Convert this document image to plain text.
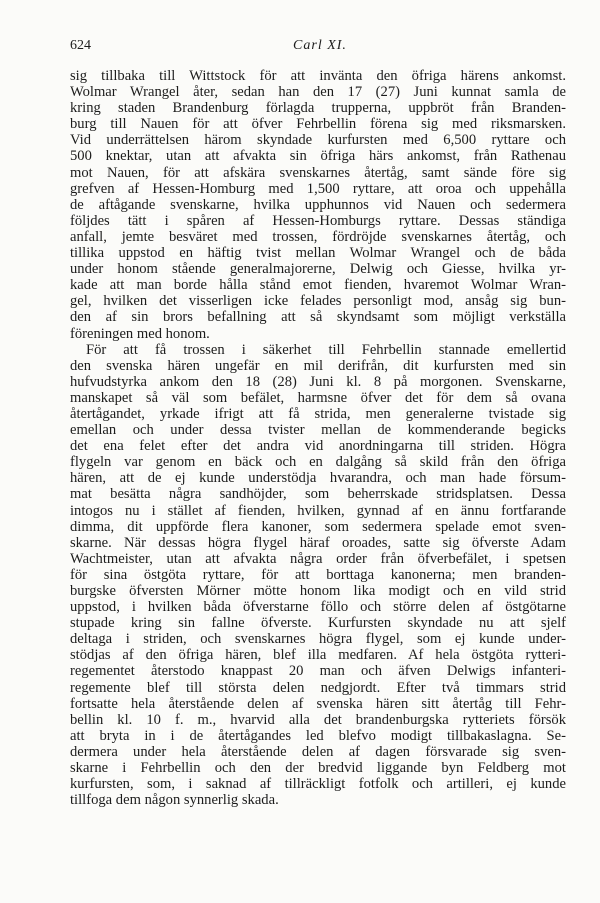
624	Carl XI.
sig tillbaka till Wittstock för att invänta den öfriga härens ankomst.
Wolmar Wrangel åter, sedan han den 17 (27) Juni kunnat samla de
kring staden Brandenburg förlagda trupperna, uppbröt från Branden-
burg till Nauen för att öfver Fehrbellin förena sig med riksmarsken.
Vid underrättelsen härom skyndade kurfursten med 6,500 ryttare och
500 knektar, utan att afvakta sin öfriga härs ankomst, från Rathenau
mot Nauen, för att afskära svenskarnes återtåg, samt sände före sig
grefven af Hessen-Homburg med 1,500 ryttare, att oroa och uppehålla
de aftågande svenskarne, hvilka upphunnos vid Nauen och sedermera
följdes tätt i spåren af Hessen-Homburgs ryttare. Dessas ständiga
anfall, jemte besväret med trossen, fördröjde svenskarnes återtåg, och
tillika uppstod en häftig tvist mellan Wolmar Wrangel och de båda
under honom stående generalmajorerne, Delwig och Giesse, hvilka yr-
kade att man borde hålla stånd emot fienden, hvaremot Wolmar Wran-
gel, hvilken det visserligen icke felades personligt mod, ansåg sig bun-
den af sin brors befallning att så skyndsamt som möjligt verkställa
föreningen med honom.
För att få trossen i säkerhet till Fehrbellin stannade emellertid
den svenska hären ungefär en mil derifrån, dit kurfursten med sin
hufvudstyrka ankom den 18 (28) Juni kl. 8 på morgonen. Svenskarne,
manskapet så väl som befälet, harmsne öfver det för dem så ovana
återtågandet, yrkade ifrigt att få strida, men generalerne tvistade sig
emellan och under dessa tvister mellan de kommenderande begicks
det ena felet efter det andra vid anordningarna till striden. Högra
flygeln var genom en bäck och en dalgång så skild från den öfriga
hären, att de ej kunde understödja hvarandra, och man hade försum-
mat besätta några sandhöjder, som beherrskade stridsplatsen. Dessa
intogos nu i stället af fienden, hvilken, gynnad af en ännu fortfarande
dimma, dit uppförde flera kanoner, som sedermera spelade emot sven-
skarne. När dessas högra flygel häraf oroades, satte sig öfverste Adam
Wachtmeister, utan att afvakta några order från öfverbefälet, i spetsen
för sina östgöta ryttare, för att borttaga kanonerna; men branden-
burgske öfversten Mörner mötte honom lika modigt och en vild strid
uppstod, i hvilken båda öfverstarne föllo och större delen af östgötarne
stupade kring sin fallne öfverste. Kurfursten skyndade nu att sjelf
deltaga i striden, och svenskarnes högra flygel, som ej kunde under-
stödjas af den öfriga hären, blef illa medfaren. Af hela östgöta rytteri-
regementet återstodo knappast 20 man och äfven Delwigs infanteri-
regemente blef till största delen nedgjordt. Efter två timmars strid
fortsatte hela återstående delen af svenska hären sitt återtåg till Fehr-
bellin kl. 10 f. m., hvarvid alla det brandenburgska rytteriets försök
att bryta in i de återtågandes led blefvo modigt tillbakaslagna. Se-
dermera under hela återstående delen af dagen försvarade sig sven-
skarne i Fehrbellin och den der bredvid liggande byn Feldberg mot
kurfursten, som, i saknad af tillräckligt fotfolk och artilleri, ej kunde
tillfoga dem någon synnerlig skada.
